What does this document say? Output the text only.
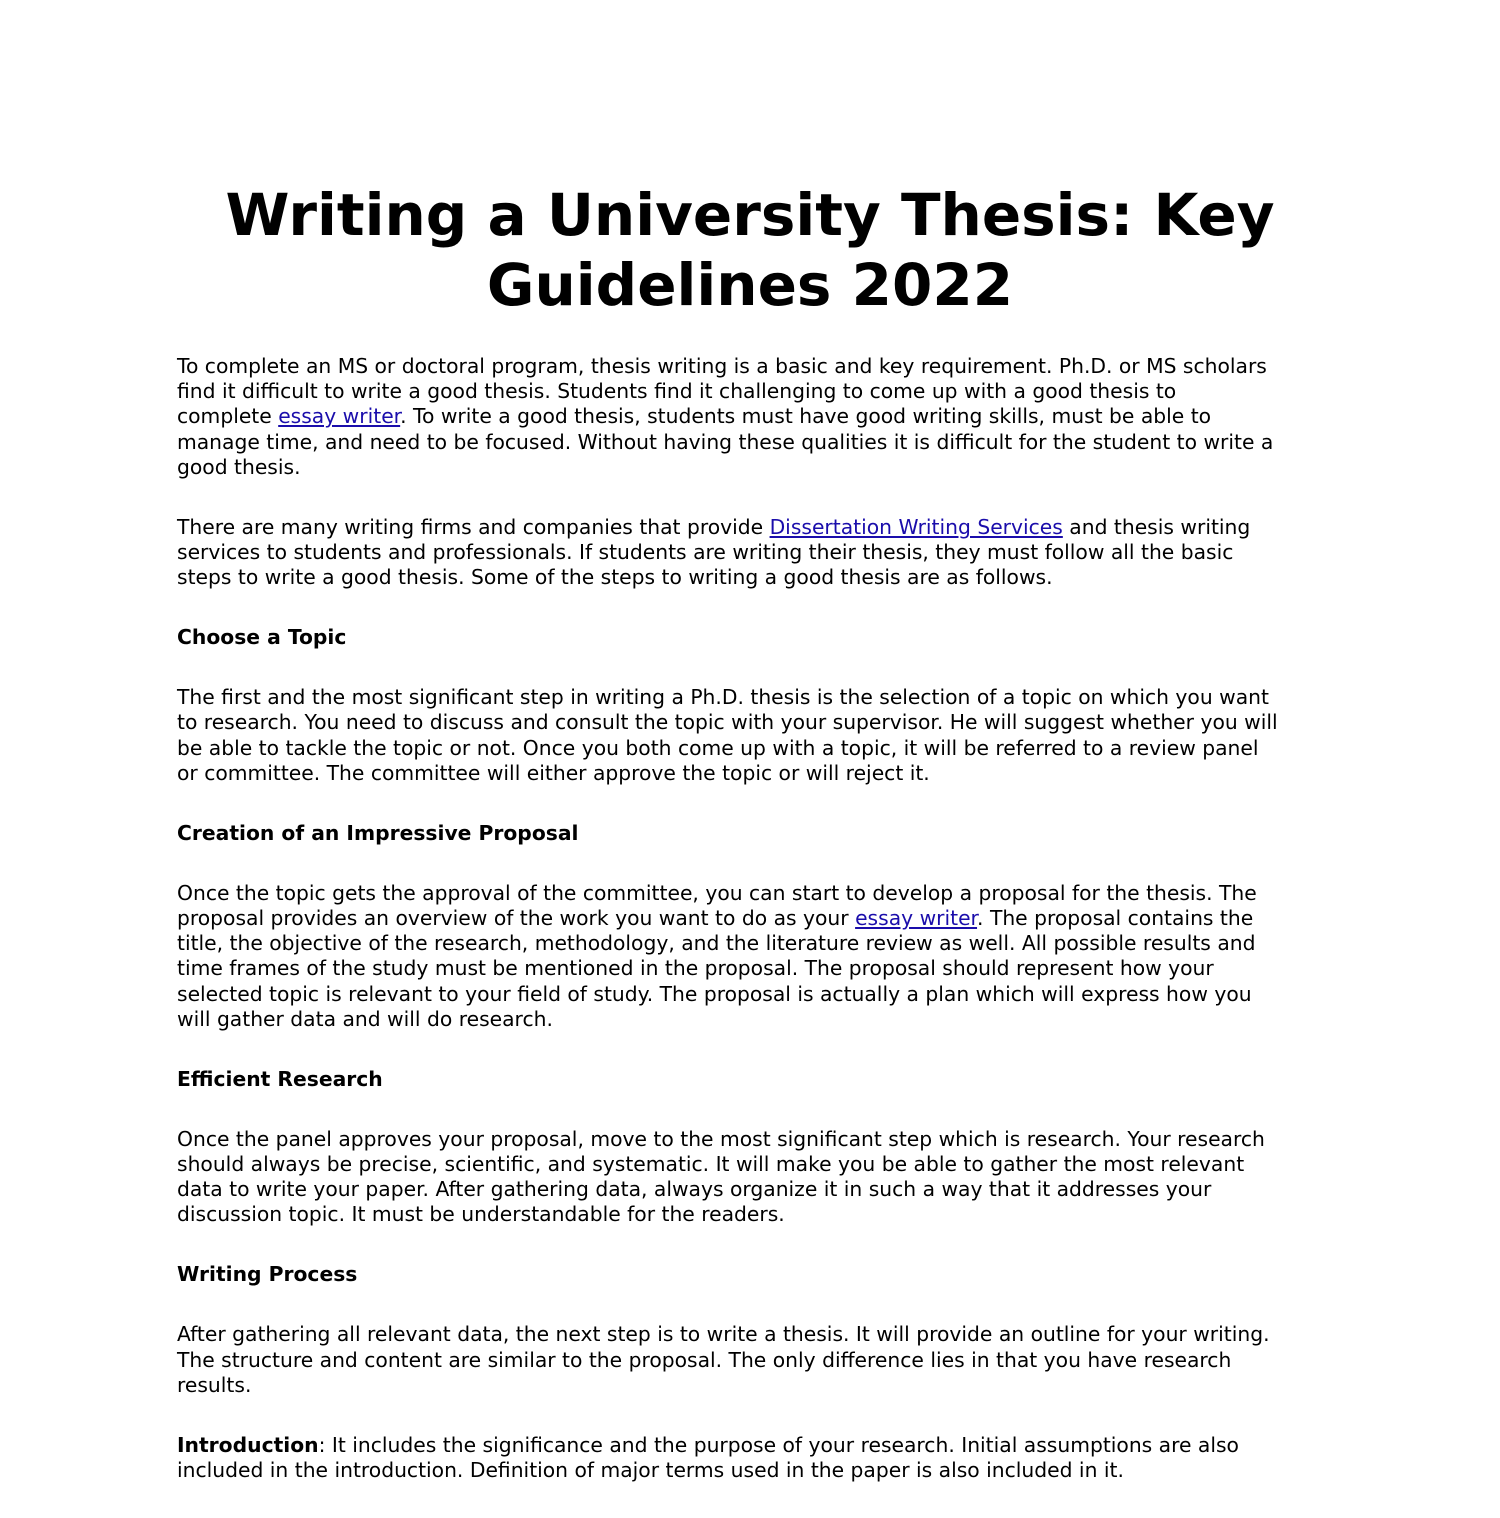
Writing a University Thesis: Key
Guidelines 2022
To complete an MS or doctoral program, thesis writing is a basic and key requirement. Ph.D. or MS scholars
find it difficult to write a good thesis. Students find it challenging to come up with a good thesis to
complete essay writer. To write a good thesis, students must have good writing skills, must be able to
manage time, and need to be focused. Without having these qualities it is difficult for the student to write a
good thesis.
There are many writing firms and companies that provide Dissertation Writing Services and thesis writing
services to students and professionals. If students are writing their thesis, they must follow all the basic
steps to write a good thesis. Some of the steps to writing a good thesis are as follows.
Choose a Topic
The first and the most significant step in writing a Ph.D. thesis is the selection of a topic on which you want
to research. You need to discuss and consult the topic with your supervisor. He will suggest whether you will
be able to tackle the topic or not. Once you both come up with a topic, it will be referred to a review panel
or committee. The committee will either approve the topic or will reject it.
Creation of an Impressive Proposal
Once the topic gets the approval of the committee, you can start to develop a proposal for the thesis. The
proposal provides an overview of the work you want to do as your essay writer. The proposal contains the
title, the objective of the research, methodology, and the literature review as well. All possible results and
time frames of the study must be mentioned in the proposal. The proposal should represent how your
selected topic is relevant to your field of study. The proposal is actually a plan which will express how you
will gather data and will do research.
Efficient Research
Once the panel approves your proposal, move to the most significant step which is research. Your research
should always be precise, scientific, and systematic. It will make you be able to gather the most relevant
data to write your paper. After gathering data, always organize it in such a way that it addresses your
discussion topic. It must be understandable for the readers.
Writing Process
After gathering all relevant data, the next step is to write a thesis. It will provide an outline for your writing.
The structure and content are similar to the proposal. The only difference lies in that you have research
results.
Introduction: It includes the significance and the purpose of your research. Initial assumptions are also
included in the introduction. Definition of major terms used in the paper is also included in it.
